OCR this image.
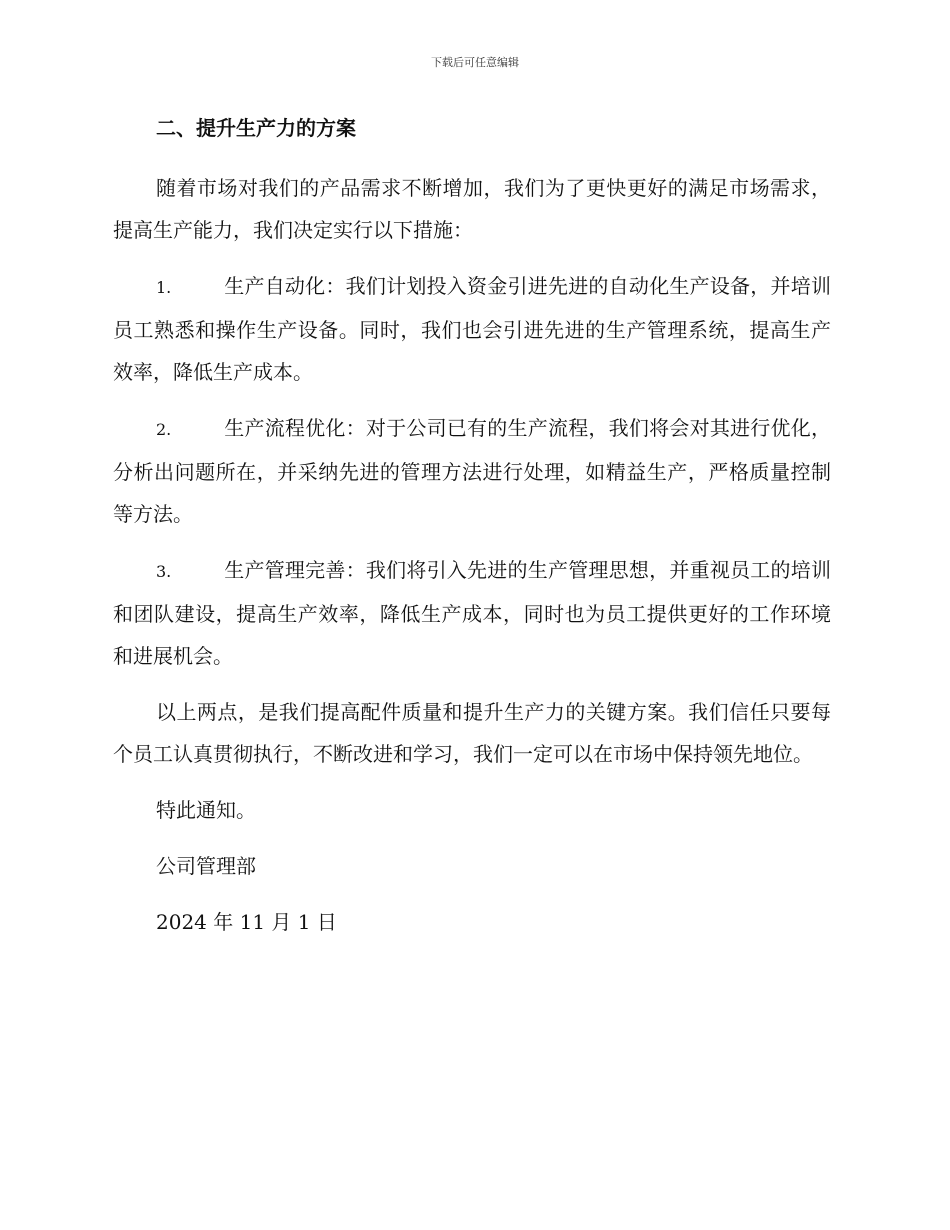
下载后可任意编辑
二、提升生产力的方案

随着市场对我们的产品需求不断增加，我们为了更快更好的满足市场需求，提高生产能力，我们决定实行以下措施：

1.	生产自动化：我们计划投入资金引进先进的自动化生产设备，并培训员工熟悉和操作生产设备。同时，我们也会引进先进的生产管理系统，提高生产效率，降低生产成本。

2.	生产流程优化：对于公司已有的生产流程，我们将会对其进行优化，分析出问题所在，并采纳先进的管理方法进行处理，如精益生产，严格质量控制等方法。

3.	生产管理完善：我们将引入先进的生产管理思想，并重视员工的培训和团队建设，提高生产效率，降低生产成本，同时也为员工提供更好的工作环境和进展机会。

以上两点，是我们提高配件质量和提升生产力的关键方案。我们信任只要每个员工认真贯彻执行，不断改进和学习，我们一定可以在市场中保持领先地位。

特此通知。

公司管理部

2024 年 11 月 1 日
